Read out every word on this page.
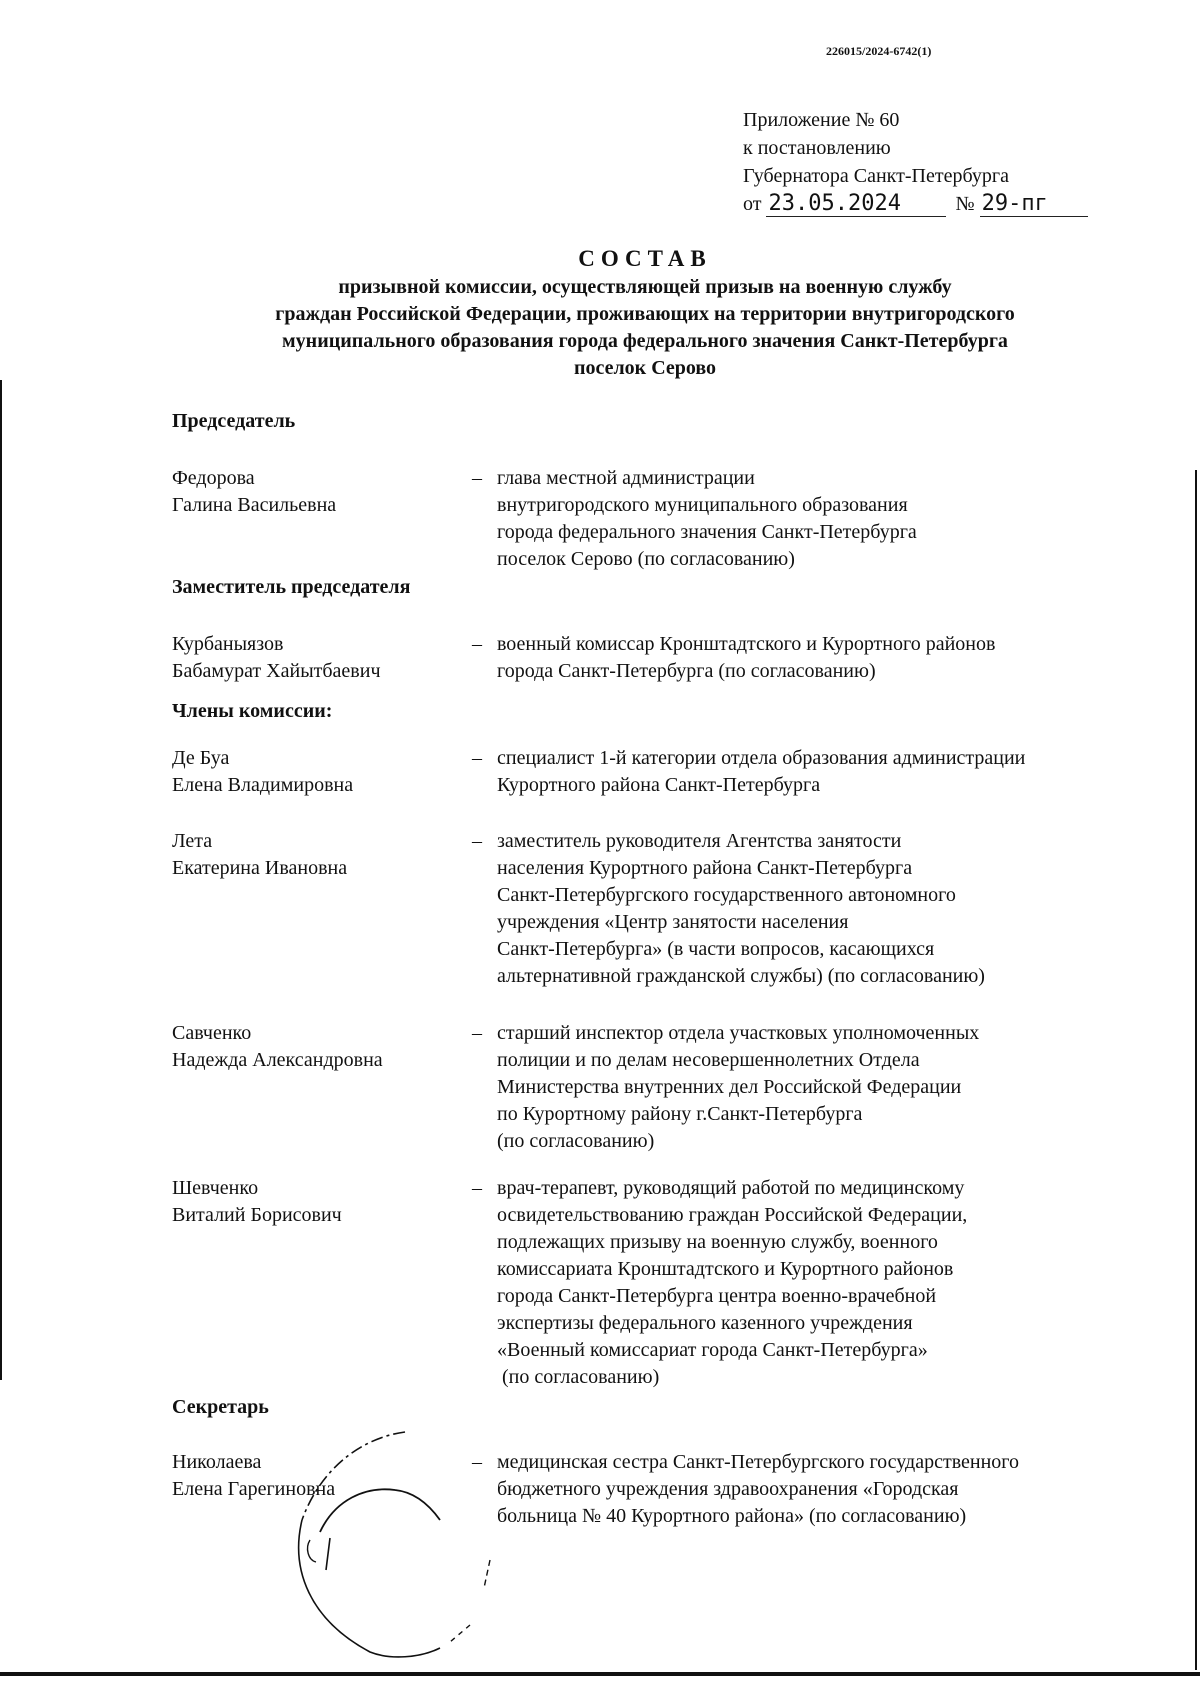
226015/2024-6742(1)
Приложение № 60
к постановлению
Губернатора Санкт-Петербурга
от 23.05.2024	№ 29-пг
СОСТАВ
призывной комиссии, осуществляющей призыв на военную службу
граждан Российской Федерации, проживающих на территории внутригородского
муниципального образования города федерального значения Санкт-Петербурга
поселок Серово
Председатель
Федорова
Галина Васильевна
– глава местной администрации
внутригородского муниципального образования
города федерального значения Санкт-Петербурга
поселок Серово (по согласованию)
Заместитель председателя
Курбаныязов
Бабамурат Хайытбаевич
– военный комиссар Кронштадтского и Курортного районов
города Санкт-Петербурга (по согласованию)
Члены комиссии:
Де Буа
Елена Владимировна
– специалист 1-й категории отдела образования администрации
Курортного района Санкт-Петербурга
Лета
Екатерина Ивановна
– заместитель руководителя Агентства занятости
населения Курортного района Санкт-Петербурга
Санкт-Петербургского государственного автономного
учреждения «Центр занятости населения
Санкт-Петербурга» (в части вопросов, касающихся
альтернативной гражданской службы) (по согласованию)
Савченко
Надежда Александровна
– старший инспектор отдела участковых уполномоченных
полиции и по делам несовершеннолетних Отдела
Министерства внутренних дел Российской Федерации
по Курортному району г.Санкт-Петербурга
(по согласованию)
Шевченко
Виталий Борисович
– врач-терапевт, руководящий работой по медицинскому
освидетельствованию граждан Российской Федерации,
подлежащих призыву на военную службу, военного
комиссариата Кронштадтского и Курортного районов
города Санкт-Петербурга центра военно-врачебной
экспертизы федерального казенного учреждения
«Военный комиссариат города Санкт-Петербурга»
(по согласованию)
Секретарь
Николаева
Елена Гарегиновна
– медицинская сестра Санкт-Петербургского государственного
бюджетного учреждения здравоохранения «Городская
больница № 40 Курортного района» (по согласованию)
